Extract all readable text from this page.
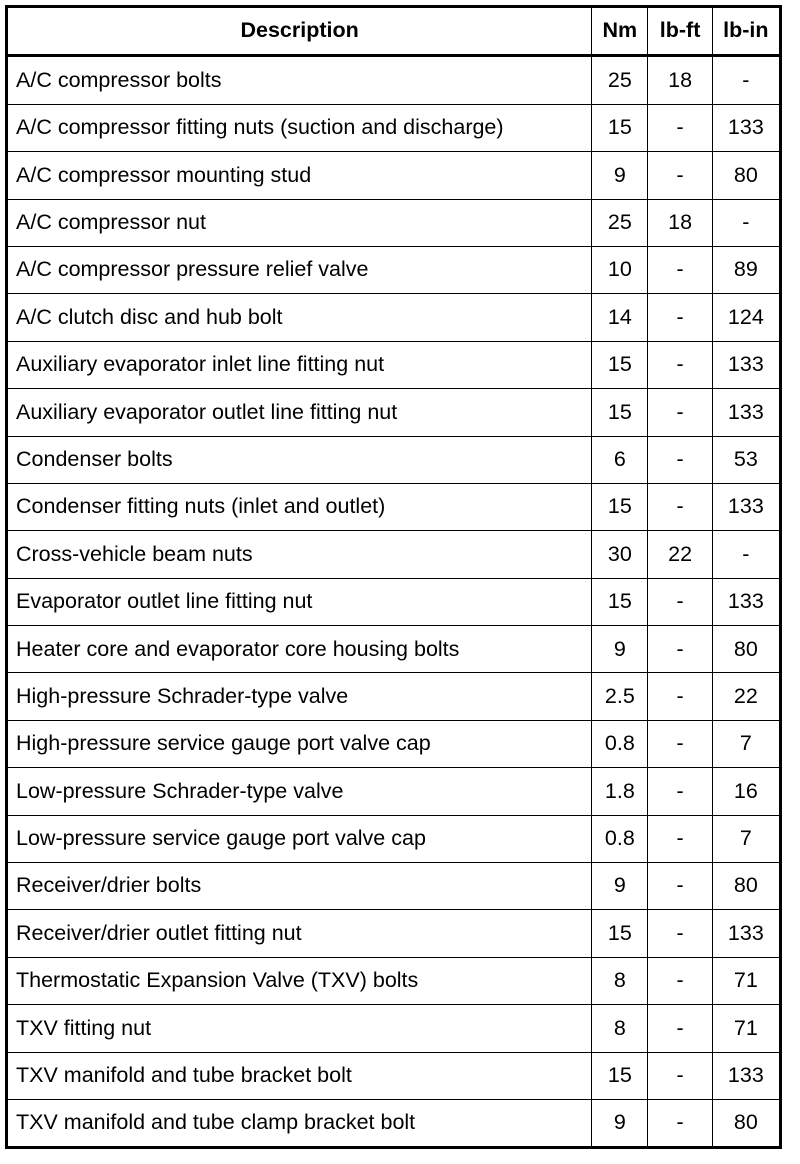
Description	Nm	lb-ft	lb-in
A/C compressor bolts	25	18	-
A/C compressor fitting nuts (suction and discharge)	15	-	133
A/C compressor mounting stud	9	-	80
A/C compressor nut	25	18	-
A/C compressor pressure relief valve	10	-	89
A/C clutch disc and hub bolt	14	-	124
Auxiliary evaporator inlet line fitting nut	15	-	133
Auxiliary evaporator outlet line fitting nut	15	-	133
Condenser bolts	6	-	53
Condenser fitting nuts (inlet and outlet)	15	-	133
Cross-vehicle beam nuts	30	22	-
Evaporator outlet line fitting nut	15	-	133
Heater core and evaporator core housing bolts	9	-	80
High-pressure Schrader-type valve	2.5	-	22
High-pressure service gauge port valve cap	0.8	-	7
Low-pressure Schrader-type valve	1.8	-	16
Low-pressure service gauge port valve cap	0.8	-	7
Receiver/drier bolts	9	-	80
Receiver/drier outlet fitting nut	15	-	133
Thermostatic Expansion Valve (TXV) bolts	8	-	71
TXV fitting nut	8	-	71
TXV manifold and tube bracket bolt	15	-	133
TXV manifold and tube clamp bracket bolt	9	-	80
